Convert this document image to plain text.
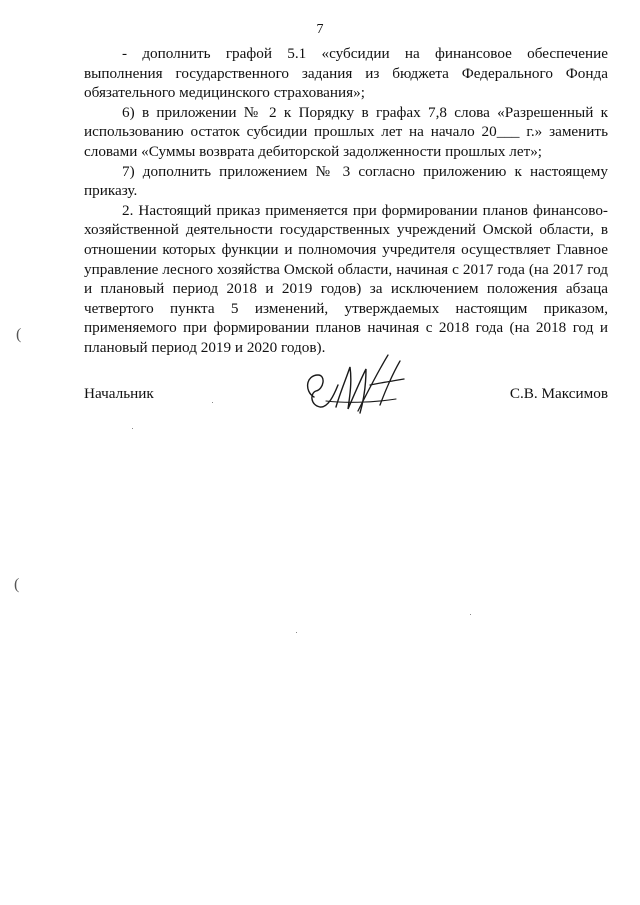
7

- дополнить графой 5.1 «субсидии на финансовое обеспечение выполнения государственного задания из бюджета Федерального Фонда обязательного медицинского страхования»;

6) в приложении № 2 к Порядку в графах 7,8 слова «Разрешенный к использованию остаток субсидии прошлых лет на начало 20___ г.» заменить словами «Суммы возврата дебиторской задолженности прошлых лет»;

7) дополнить приложением № 3 согласно приложению к настоящему приказу.

2. Настоящий приказ применяется при формировании планов финансово-хозяйственной деятельности государственных учреждений Омской области, в отношении которых функции и полномочия учредителя осуществляет Главное управление лесного хозяйства Омской области, начиная с 2017 года (на 2017 год и плановый период 2018 и 2019 годов) за исключением положения абзаца четвертого пункта 5 изменений, утверждаемых настоящим приказом, применяемого при формировании планов начиная с 2018 года (на 2018 год и плановый период 2019 и 2020 годов).

Начальник	С.В. Максимов
(
(
